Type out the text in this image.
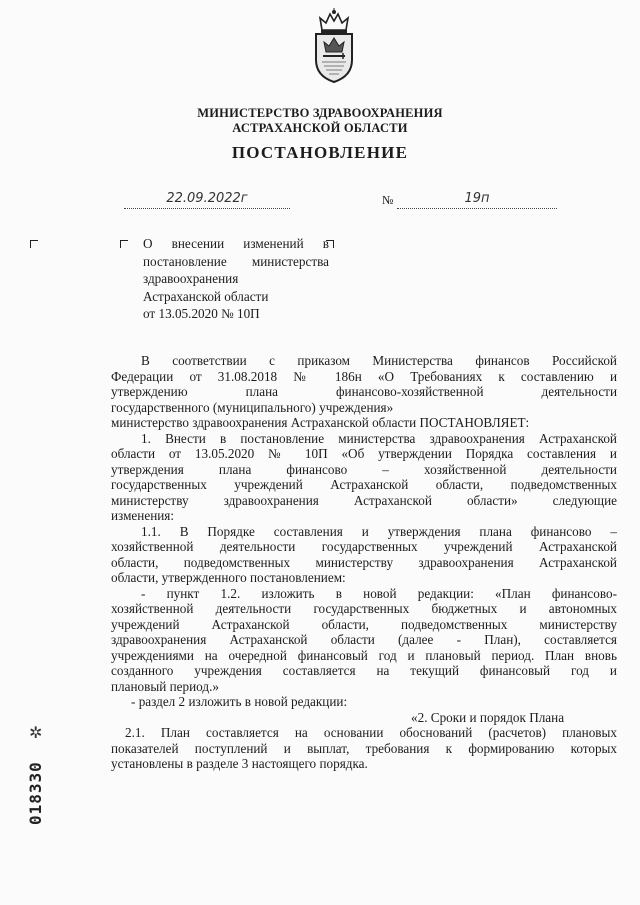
МИНИСТЕРСТВО ЗДРАВООХРАНЕНИЯ
АСТРАХАНСКОЙ ОБЛАСТИ
ПОСТАНОВЛЕНИЕ
22.09.2022г	№	19п
О внесении изменений в
постановление министерства
здравоохранения
Астраханской области
от 13.05.2020 № 10П
В соответствии с приказом Министерства финансов Российской
Федерации от 31.08.2018 № 186н «О Требованиях к составлению и
утверждению плана финансово-хозяйственной деятельности
государственного (муниципального) учреждения»
министерство здравоохранения Астраханской области ПОСТАНОВЛЯЕТ:
1. Внести в постановление министерства здравоохранения Астраханской
области от 13.05.2020 № 10П «Об утверждении Порядка составления и
утверждения плана финансово – хозяйственной деятельности
государственных учреждений Астраханской области, подведомственных
министерству здравоохранения Астраханской области» следующие
изменения:
1.1. В Порядке составления и утверждения плана финансово –
хозяйственной деятельности государственных учреждений Астраханской
области, подведомственных министерству здравоохранения Астраханской
области, утвержденного постановлением:
- пункт 1.2. изложить в новой редакции: «План финансово-
хозяйственной деятельности государственных бюджетных и автономных
учреждений Астраханской области, подведомственных министерству
здравоохранения Астраханской области (далее - План), составляется
учреждениями на очередной финансовый год и плановый период. План вновь
созданного учреждения составляется на текущий финансовый год и
плановый период.»
- раздел 2 изложить в новой редакции:
«2. Сроки и порядок Плана
2.1. План составляется на основании обоснований (расчетов) плановых
показателей поступлений и выплат, требования к формированию которых
установлены в разделе 3 настоящего порядка.
✲
018330
